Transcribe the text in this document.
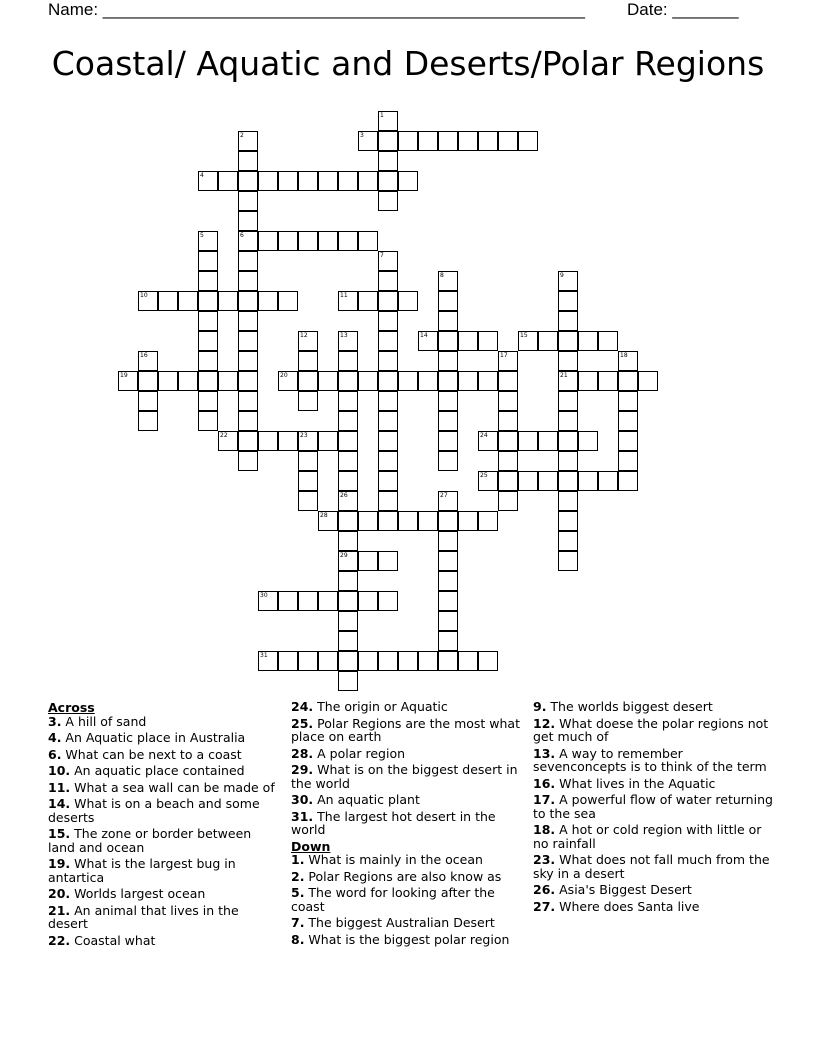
Name: ___________________________________________________ Date: _______
Coastal/ Aquatic and Deserts/Polar Regions
1
2
6
3
4
5
7
8	9
21
10	11
12	13	14	15
16	17	18
19	20
22	23	24
25
26
29
27
28
30
31
Across
3. A hill of sand
4. An Aquatic place in Australia
6. What can be next to a coast
10. An aquatic place contained
11. What a sea wall can be made of
14. What is on a beach and some deserts
15. The zone or border between land and ocean
19. What is the largest bug in antartica
20. Worlds largest ocean
21. An animal that lives in the desert
22. Coastal what
24. The origin or Aquatic
25. Polar Regions are the most what place on earth
28. A polar region
29. What is on the biggest desert in the world
30. An aquatic plant
31. The largest hot desert in the world
Down
1. What is mainly in the ocean
2. Polar Regions are also know as
5. The word for looking after the coast
7. The biggest Australian Desert
8. What is the biggest polar region
9. The worlds biggest desert
12. What doese the polar regions not get much of
13. A way to remember sevenconcepts is to think of the term
16. What lives in the Aquatic
17. A powerful flow of water returning to the sea
18. A hot or cold region with little or no rainfall
23. What does not fall much from the sky in a desert
26. Asia's Biggest Desert
27. Where does Santa live
